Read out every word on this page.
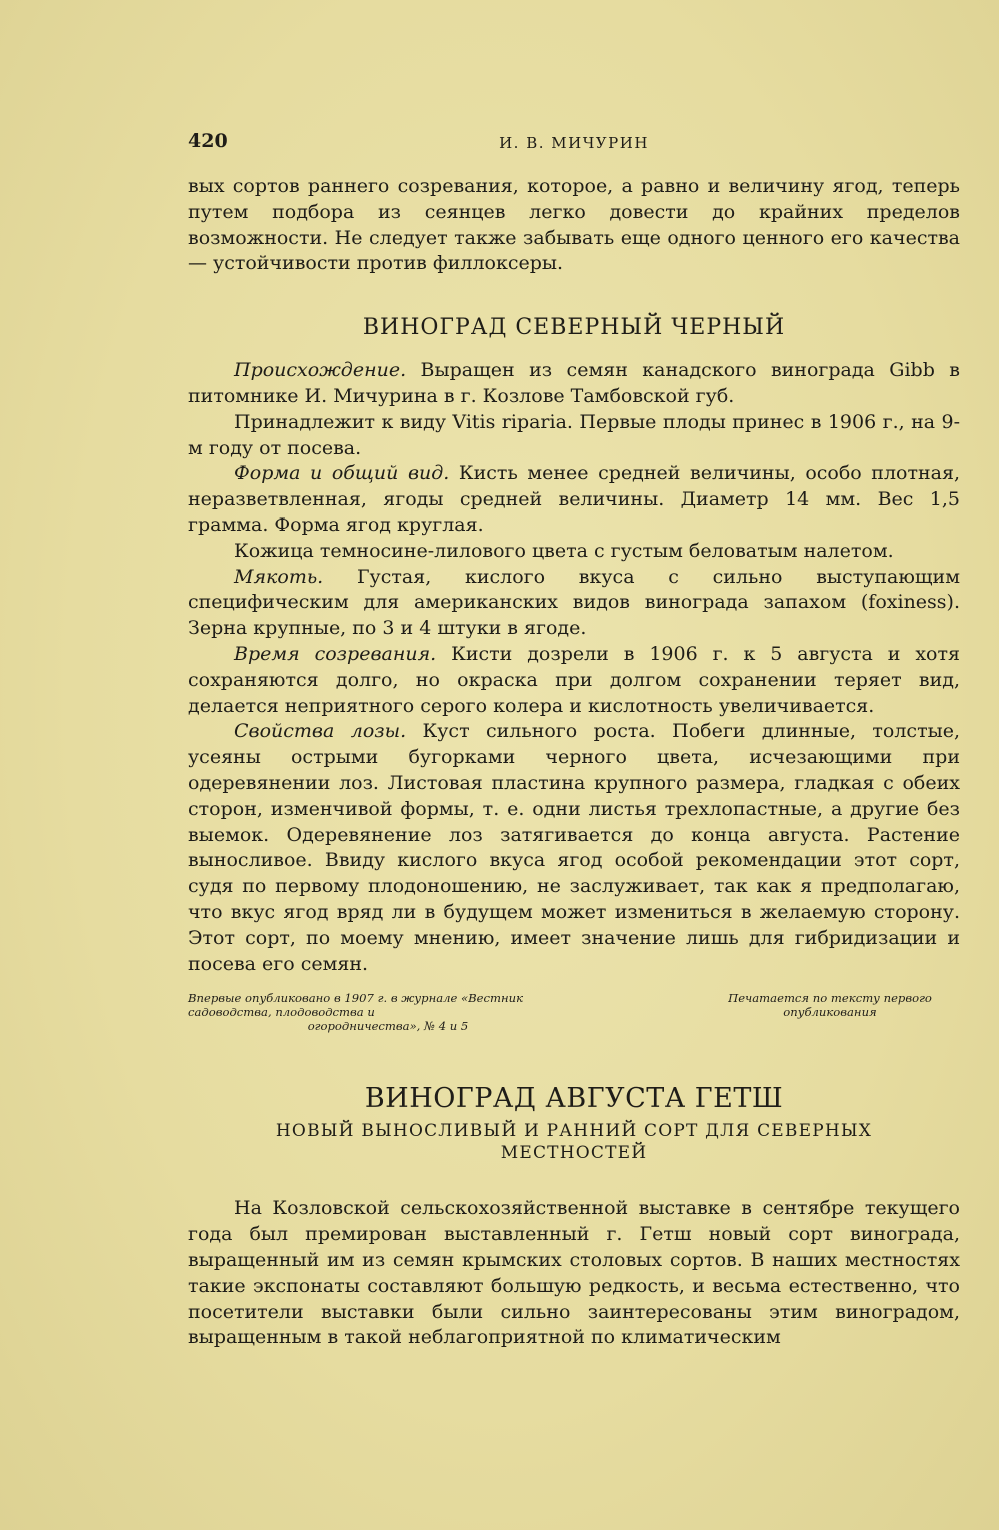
420	И. В. МИЧУРИН

вых сортов раннего созревания, которое, а равно и величину ягод, теперь путем подбора из сеянцев легко довести до крайних пределов возможности. Не следует также забывать еще одного ценного его качества — устойчивости против филлоксеры.

ВИНОГРАД СЕВЕРНЫЙ ЧЕРНЫЙ

Происхождение. Выращен из семян канадского винограда Gibb в питомнике И. Мичурина в г. Козлове Тамбовской губ.

Принадлежит к виду Vitis riparia. Первые плоды принес в 1906 г., на 9-м году от посева.

Форма и общий вид. Кисть менее средней величины, особо плотная, неразветвленная, ягоды средней величины. Диаметр 14 мм. Вес 1,5 грамма. Форма ягод круглая.

Кожица темносине-лилового цвета с густым беловатым налетом.

Мякоть. Густая, кислого вкуса с сильно выступающим специфическим для американских видов винограда запахом (foxiness). Зерна крупные, по 3 и 4 штуки в ягоде.

Время созревания. Кисти дозрели в 1906 г. к 5 августа и хотя сохраняются долго, но окраска при долгом сохранении теряет вид, делается неприятного серого колера и кислотность увеличивается.

Свойства лозы. Куст сильного роста. Побеги длинные, толстые, усеяны острыми бугорками черного цвета, исчезающими при одеревянении лоз. Листовая пластина крупного размера, гладкая с обеих сторон, изменчивой формы, т. е. одни листья трехлопастные, а другие без выемок. Одеревянение лоз затягивается до конца августа. Растение выносливое. Ввиду кислого вкуса ягод особой рекомендации этот сорт, судя по первому плодоношению, не заслуживает, так как я предполагаю, что вкус ягод вряд ли в будущем может измениться в желаемую сторону. Этот сорт, по моему мнению, имеет значение лишь для гибридизации и посева его семян.

Впервые опубликовано в 1907 г. в журнале «Вестник садоводства, плодоводства и
огородничества», № 4 и 5
Печатается по тексту первого
опубликования
ВИНОГРАД АВГУСТА ГЕТШ
НОВЫЙ ВЫНОСЛИВЫЙ И РАННИЙ СОРТ ДЛЯ СЕВЕРНЫХ
МЕСТНОСТЕЙ

На Козловской сельскохозяйственной выставке в сентябре текущего года был премирован выставленный г. Гетш новый сорт винограда, выращенный им из семян крымских столовых сортов. В наших местностях такие экспонаты составляют большую редкость, и весьма естественно, что посетители выставки были сильно заинтересованы этим виноградом, выращенным в такой неблагоприятной по климатическим
